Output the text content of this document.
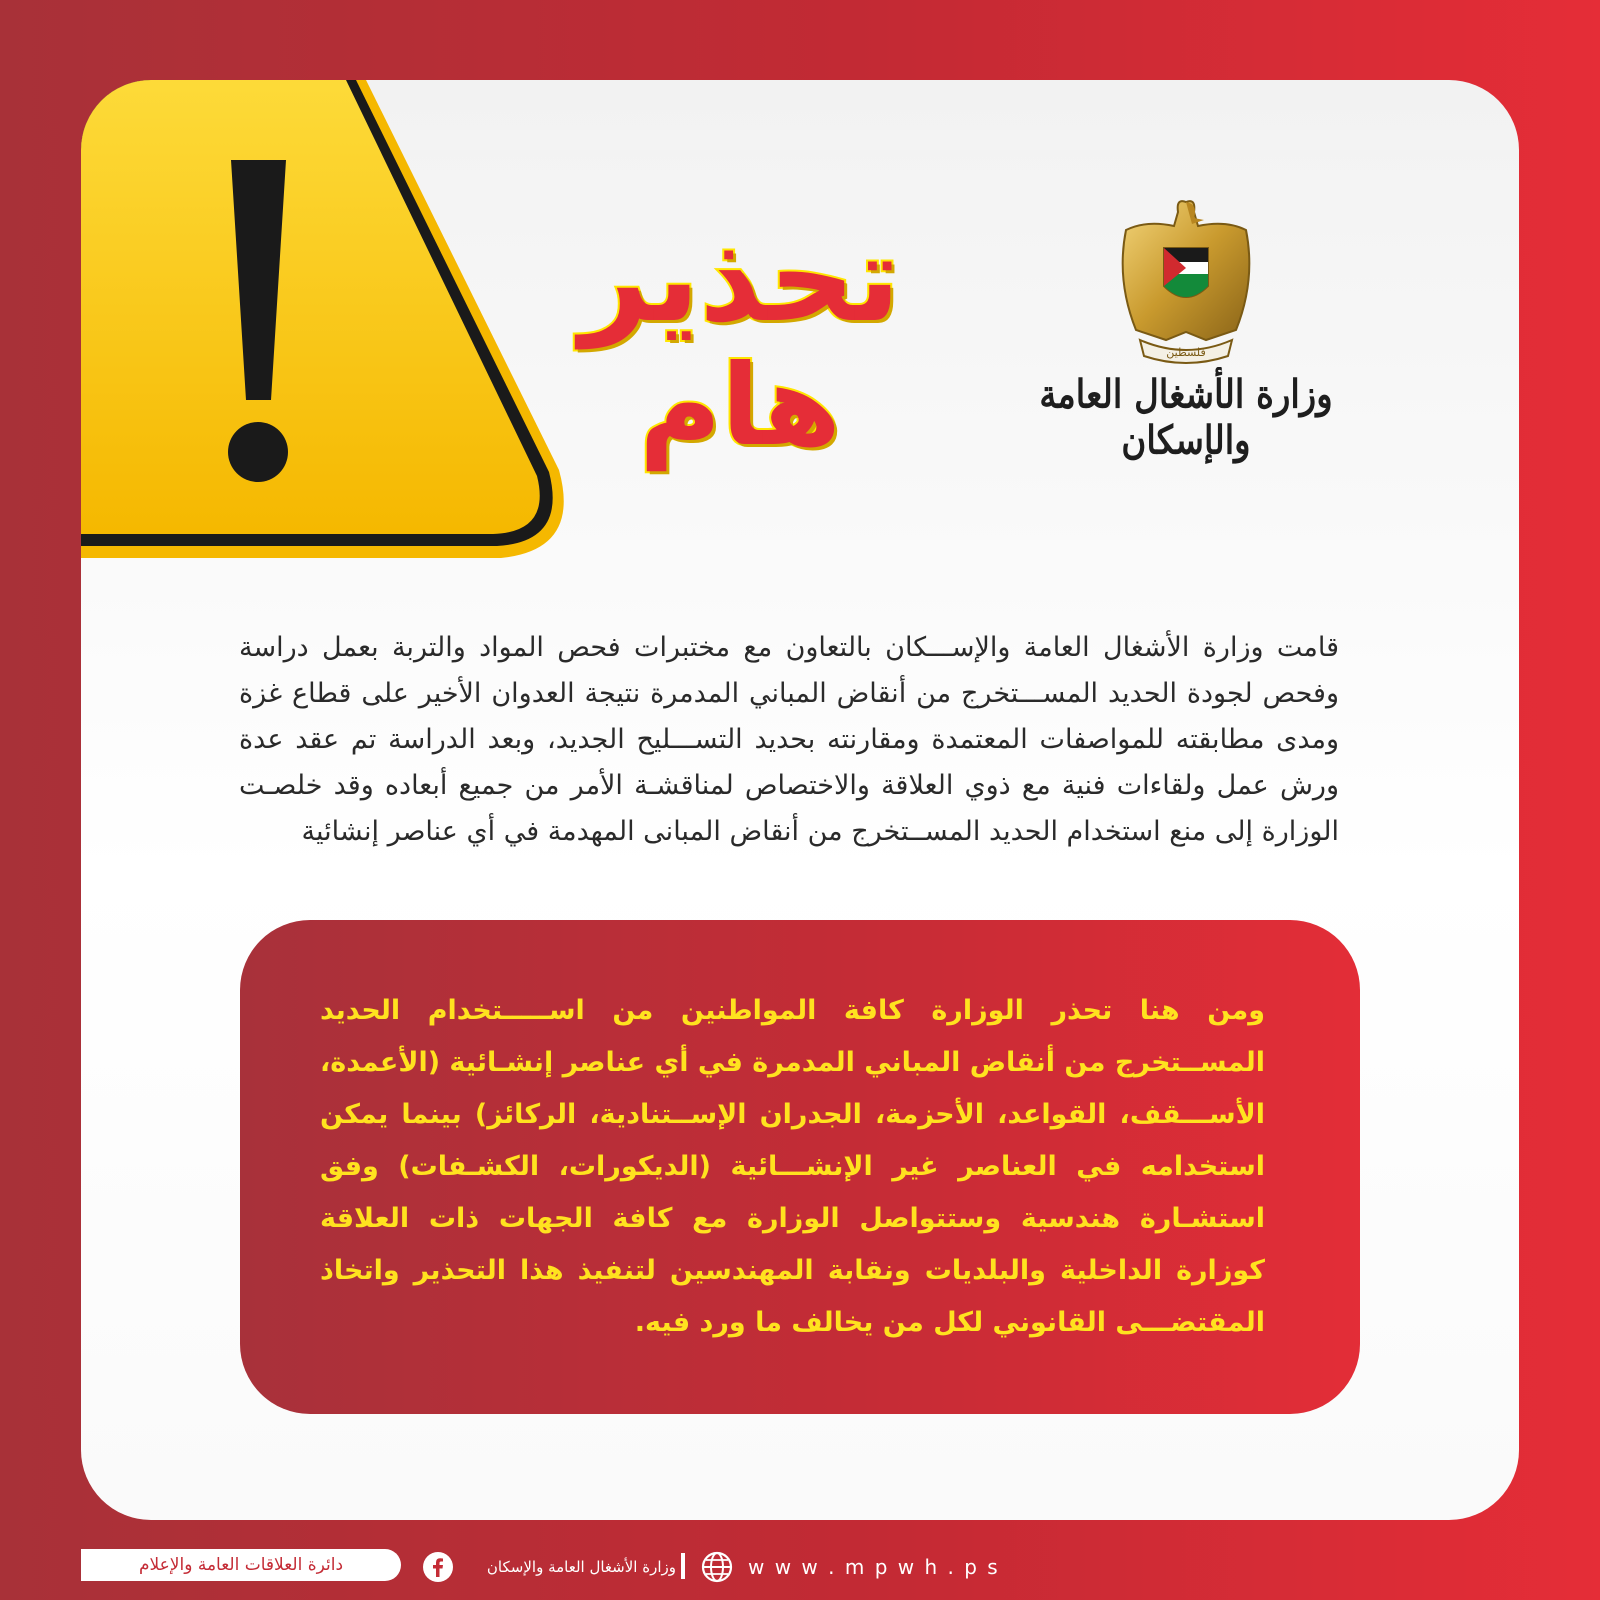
تحذير
هام	فلسطين
وزارة الأشغال العامة والإسكان

قامت وزارة الأشغال العامة والإســـكان بالتعاون مع مختبرات فحص المواد والتربة بعمل دراسة وفحص لجودة الحديد المســـتخرج من أنقاض المباني المدمرة نتيجة العدوان الأخير على قطاع غزة ومدى مطابقته للمواصفات المعتمدة ومقارنته بحديد التســـليح الجديد، وبعد الدراسة تم عقد عدة ورش عمل ولقاءات فنية مع ذوي العلاقة والاختصاص لمناقشـة الأمر من جميع أبعاده وقد خلصـت الوزارة إلى منع استخدام الحديد المســتخرج من أنقاض المبانى المهدمة في أي عناصر إنشائية

ومن هنا تحذر الوزارة كافة المواطنين من اســـــتخدام الحديد المســتخرج من أنقاض المباني المدمرة في أي عناصر إنشـائية (الأعمدة، الأســـقف، القواعد، الأحزمة، الجدران الإســتنادية، الركائز) بينما يمكن استخدامه في العناصر غير الإنشـــائية (الديكورات، الكشـفات) وفق استشـارة هندسية وستتواصل الوزارة مع كافة الجهات ذات العلاقة كوزارة الداخلية والبلديات ونقابة المهندسين لتنفيذ هذا التحذير واتخاذ المقتضـــى القانوني لكل من يخالف ما ورد فيه.

دائرة العلاقات العامة والإعلام	وزارة الأشغال العامة والإسكان	w w w . m p w h . p s
